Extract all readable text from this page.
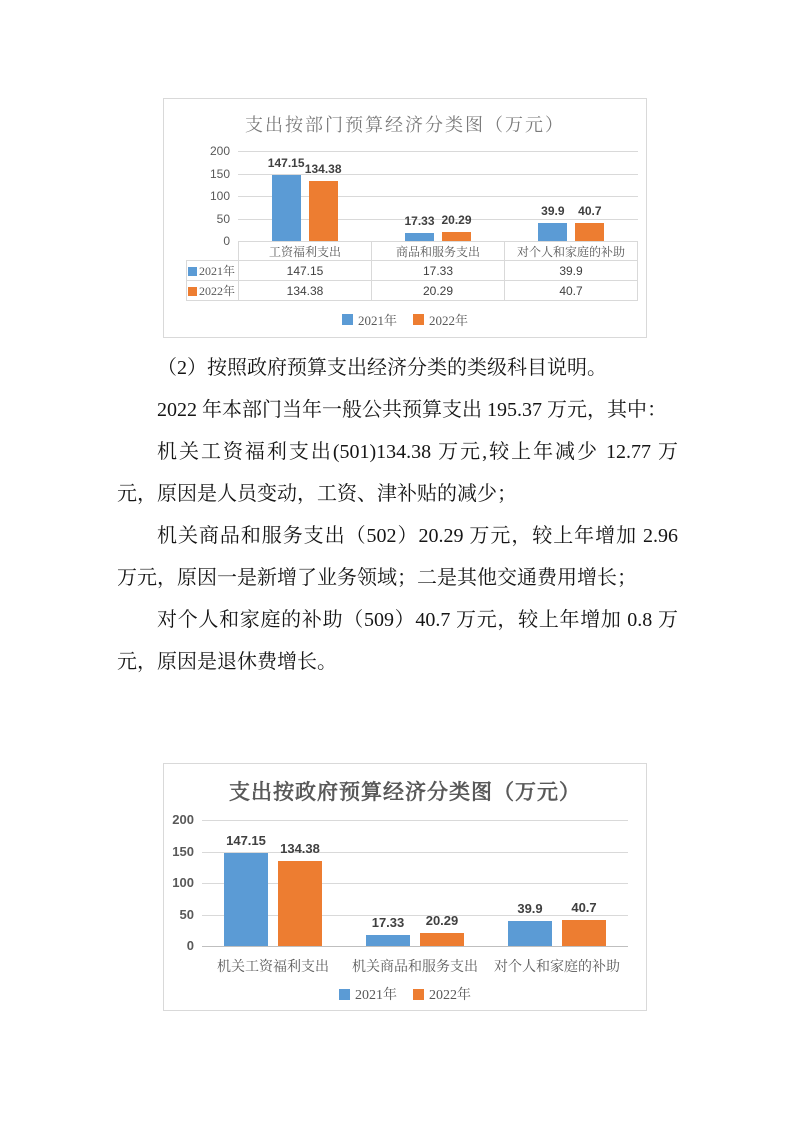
支出按部门预算经济分类图（万元）
0
50
100
150
200
147.15 134.38
17.33 20.29
39.9 40.7
	工资福利支出	商品和服务支出	对个人和家庭的补助
2021年	147.15	17.33	39.9
2022年	134.38	20.29	40.7
2021年 2022年

（2）按照政府预算支出经济分类的类级科目说明。

2022 年本部门当年一般公共预算支出 195.37 万元，其中：

机关工资福利支出(501)134.38 万元,较上年减少 12.77 万元，原因是人员变动，工资、津补贴的减少；

机关商品和服务支出（502）20.29 万元，较上年增加 2.96 万元，原因一是新增了业务领域；二是其他交通费用增长；

对个人和家庭的补助（509）40.7 万元，较上年增加 0.8 万元，原因是退休费增长。

支出按政府预算经济分类图（万元）
0
50
100
150
200
147.15
134.38
17.33 20.29
39.9 40.7
机关工资福利支出	机关商品和服务支出	对个人和家庭的补助
2021年 2022年
